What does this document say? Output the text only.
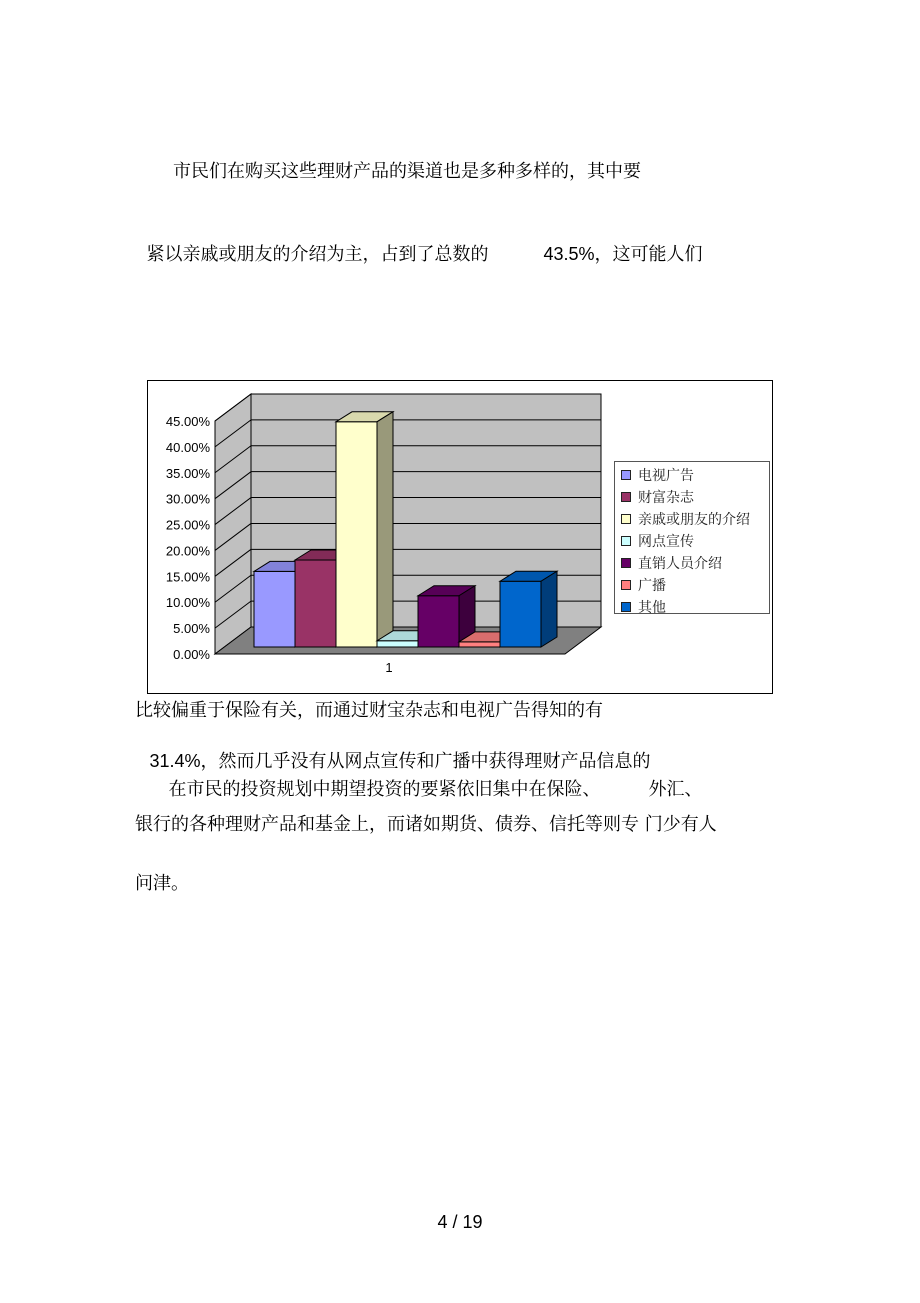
市民们在购买这些理财产品的渠道也是多种多样的，其中要

紧以亲戚或朋友的介绍为主，占到了总数的	43.5%，这可能人们

0.00%
5.00%
10.00%
15.00%
20.00%
25.00%
30.00%
35.00%
40.00%
45.00%
1
电视广告
财富杂志
亲戚或朋友的介绍
网点宣传
直销人员介绍
广播
其他
比较偏重于保险有关，而通过财宝杂志和电视广告得知的有

31.4%，然而几乎没有从网点宣传和广播中获得理财产品信息的

在市民的投资规划中期望投资的要紧依旧集中在保险、	外汇、

银行的各种理财产品和基金上，而诸如期货、债券、信托等则专 门少有人
问津。
4 / 19
